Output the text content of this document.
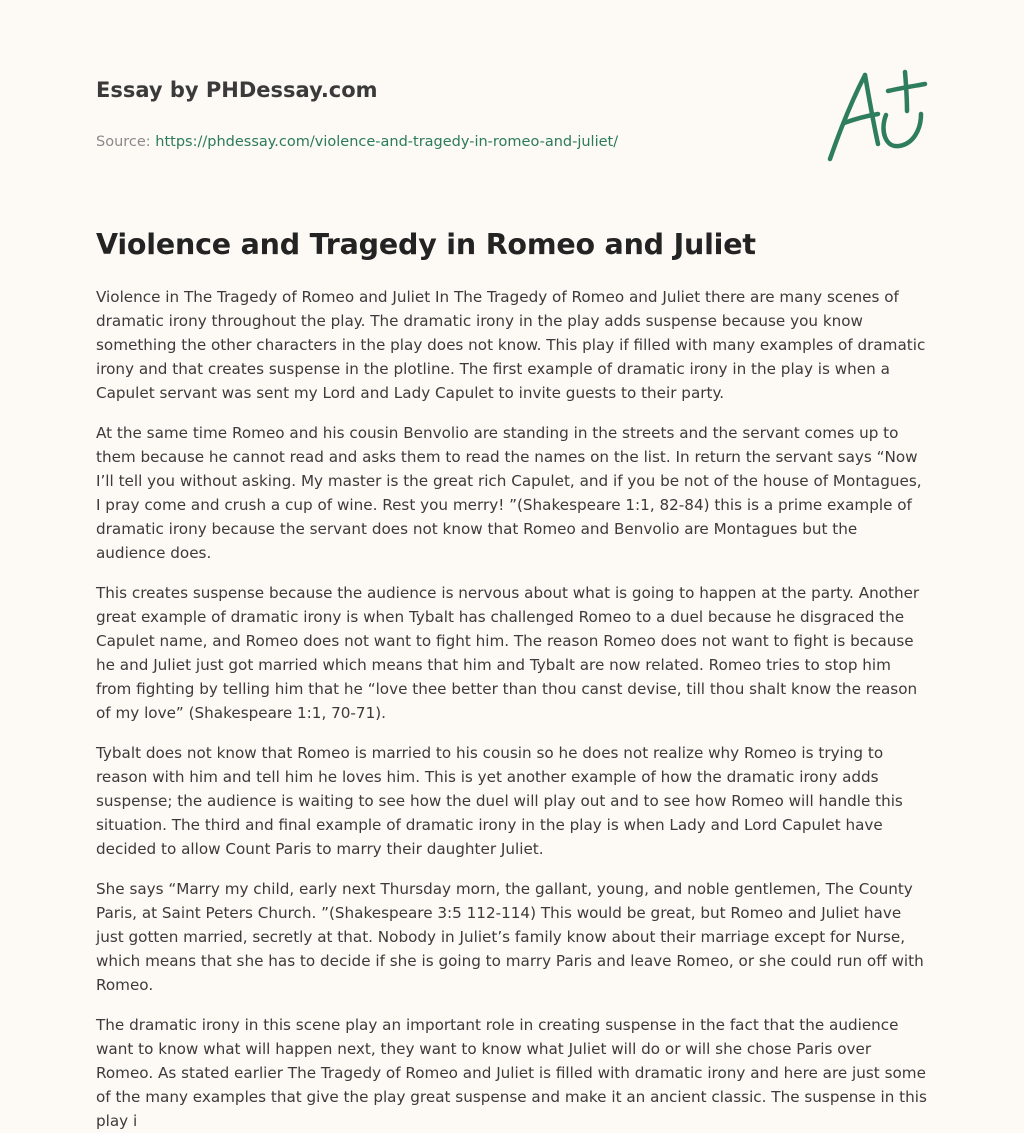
Essay by PHDessay.com
Source: https://phdessay.com/violence-and-tragedy-in-romeo-and-juliet/
Violence and Tragedy in Romeo and Juliet

Violence in The Tragedy of Romeo and Juliet In The Tragedy of Romeo and Juliet there are many scenes of dramatic irony throughout the play. The dramatic irony in the play adds suspense because you know something the other characters in the play does not know. This play if filled with many examples of dramatic irony and that creates suspense in the plotline. The first example of dramatic irony in the play is when a Capulet servant was sent my Lord and Lady Capulet to invite guests to their party.

At the same time Romeo and his cousin Benvolio are standing in the streets and the servant comes up to them because he cannot read and asks them to read the names on the list. In return the servant says “Now I’ll tell you without asking. My master is the great rich Capulet, and if you be not of the house of Montagues, I pray come and crush a cup of wine. Rest you merry! ”(Shakespeare 1:1, 82-84) this is a prime example of dramatic irony because the servant does not know that Romeo and Benvolio are Montagues but the audience does.

This creates suspense because the audience is nervous about what is going to happen at the party. Another great example of dramatic irony is when Tybalt has challenged Romeo to a duel because he disgraced the Capulet name, and Romeo does not want to fight him. The reason Romeo does not want to fight is because he and Juliet just got married which means that him and Tybalt are now related. Romeo tries to stop him from fighting by telling him that he “love thee better than thou canst devise, till thou shalt know the reason of my love” (Shakespeare 1:1, 70-71).

Tybalt does not know that Romeo is married to his cousin so he does not realize why Romeo is trying to reason with him and tell him he loves him. This is yet another example of how the dramatic irony adds suspense; the audience is waiting to see how the duel will play out and to see how Romeo will handle this situation. The third and final example of dramatic irony in the play is when Lady and Lord Capulet have decided to allow Count Paris to marry their daughter Juliet.

She says “Marry my child, early next Thursday morn, the gallant, young, and noble gentlemen, The County Paris, at Saint Peters Church. ”(Shakespeare 3:5 112-114) This would be great, but Romeo and Juliet have just gotten married, secretly at that. Nobody in Juliet’s family know about their marriage except for Nurse, which means that she has to decide if she is going to marry Paris and leave Romeo, or she could run off with Romeo.

The dramatic irony in this scene play an important role in creating suspense in the fact that the audience want to know what will happen next, they want to know what Juliet will do or will she chose Paris over Romeo. As stated earlier The Tragedy of Romeo and Juliet is filled with dramatic irony and here are just some of the many examples that give the play great suspense and make it an ancient classic. The suspense in this play i
